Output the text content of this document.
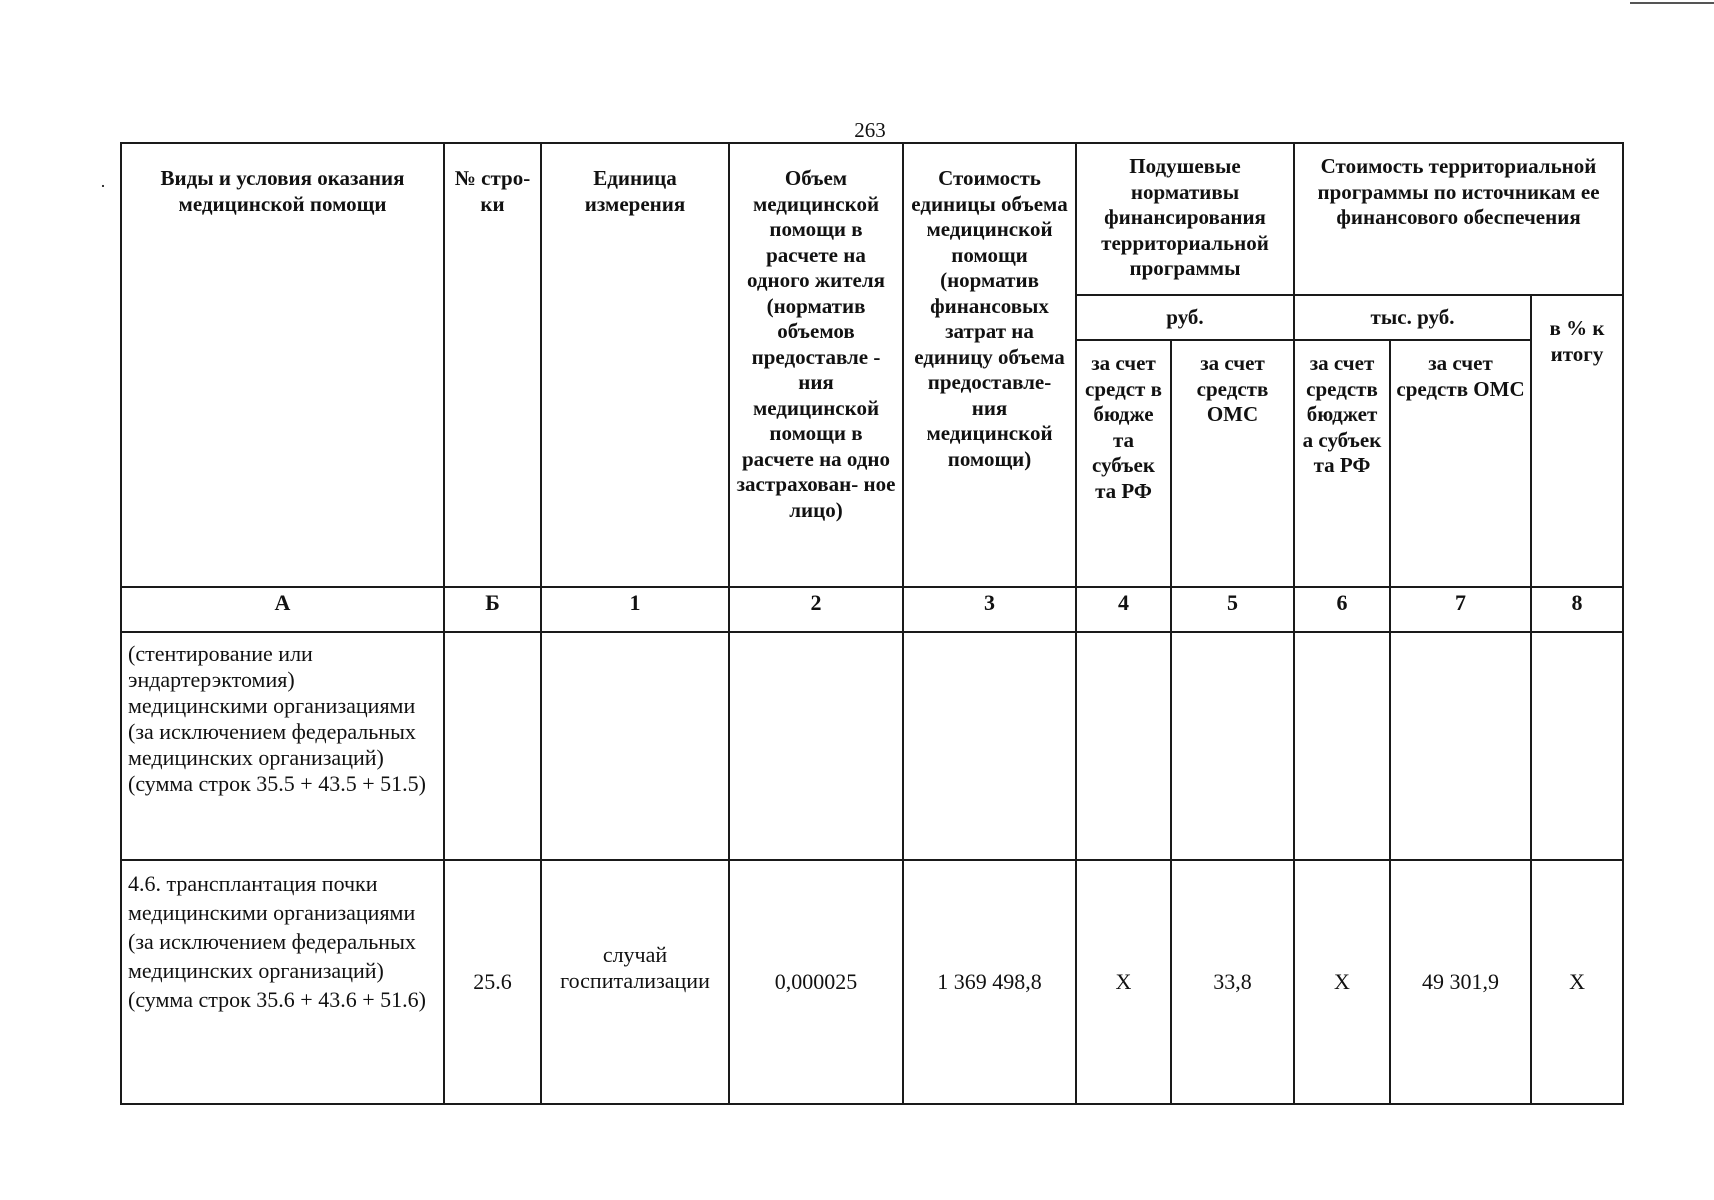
263
·	Виды и условия оказания медицинской помощи	№ стро- ки	Единица измерения	Объем медицинской помощи в расчете на одного жителя (норматив объемов предоставле - ния медицинской помощи в расчете на одно застрахован- ное лицо)	Стоимость единицы объема медицинской помощи (норматив финансовых затрат на единицу объема предоставле- ния медицинской помощи)	Подушевые нормативы финансирования территориальной программы		Стоимость территориальной программы по источникам ее финансового обеспечения		
					руб.		тыс. руб.		в % к итогу
					за счет средст в бюдже та субъек та РФ	за счет средств ОМС	за счет средств бюджет а субъек та РФ	за счет средств ОМС	
А	Б	1	2	3	4	5	6	7	8
(стентирование или эндартерэктомия) медицинскими организациями (за исключением федеральных медицинских организаций) (сумма строк 35.5 + 43.5 + 51.5)									
4.6. трансплантация почки медицинскими организациями (за исключением федеральных медицинских организаций) (сумма строк 35.6 + 43.6 + 51.6)	25.6	случай госпитализации	0,000025	1 369 498,8	Х	33,8	Х	49 301,9	Х
